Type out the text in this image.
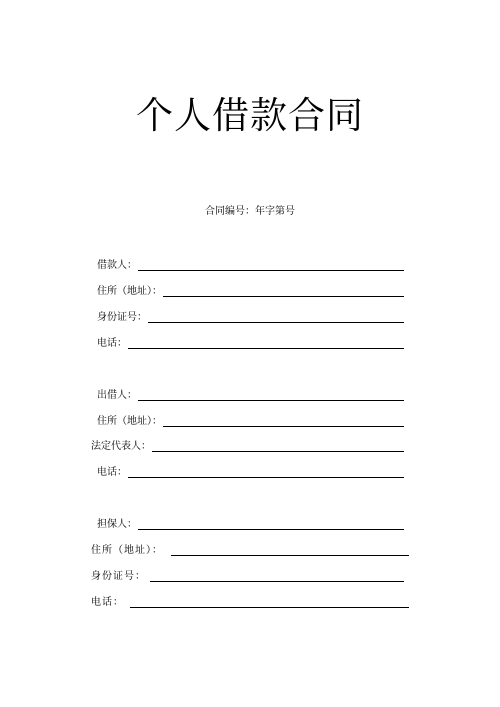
个人借款合同
合同编号：年字第号
借款人：
住所（地址）：
身份证号：
电话：
出借人：
住所（地址）：
法定代表人：
电话：
担保人：
住所（地址）：
身份证号：
电话：
